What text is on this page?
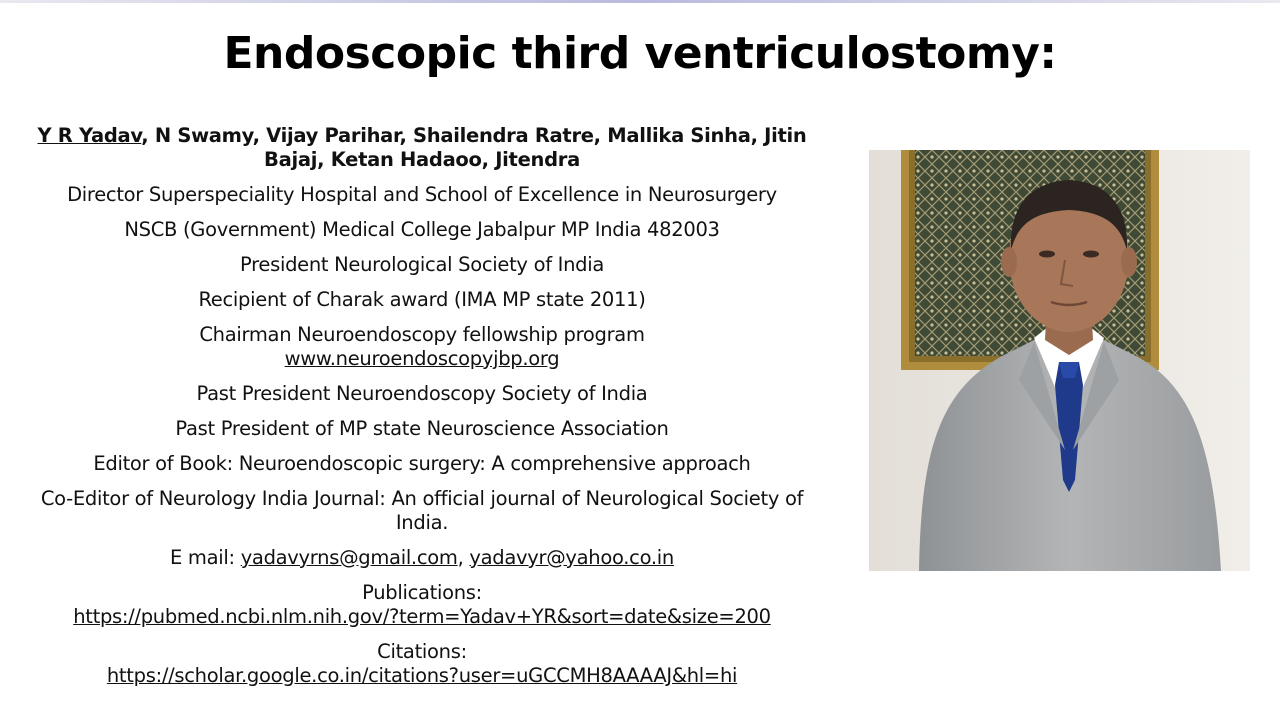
Endoscopic third ventriculostomy:

Y R Yadav, N Swamy, Vijay Parihar, Shailendra Ratre, Mallika Sinha, Jitin Bajaj, Ketan Hadaoo, Jitendra

Director Superspeciality Hospital and School of Excellence in Neurosurgery

NSCB (Government) Medical College Jabalpur MP India 482003

President Neurological Society of India

Recipient of Charak award (IMA MP state 2011)

Chairman Neuroendoscopy fellowship program
www.neuroendoscopyjbp.org

Past President Neuroendoscopy Society of India

Past President of MP state Neuroscience Association

Editor of Book: Neuroendoscopic surgery: A comprehensive approach

Co-Editor of Neurology India Journal: An official journal of Neurological Society of India.

E mail: yadavyrns@gmail.com, yadavyr@yahoo.co.in

Publications:
https://pubmed.ncbi.nlm.nih.gov/?term=Yadav+YR&sort=date&size=200

Citations:
https://scholar.google.co.in/citations?user=uGCCMH8AAAAJ&hl=hi
